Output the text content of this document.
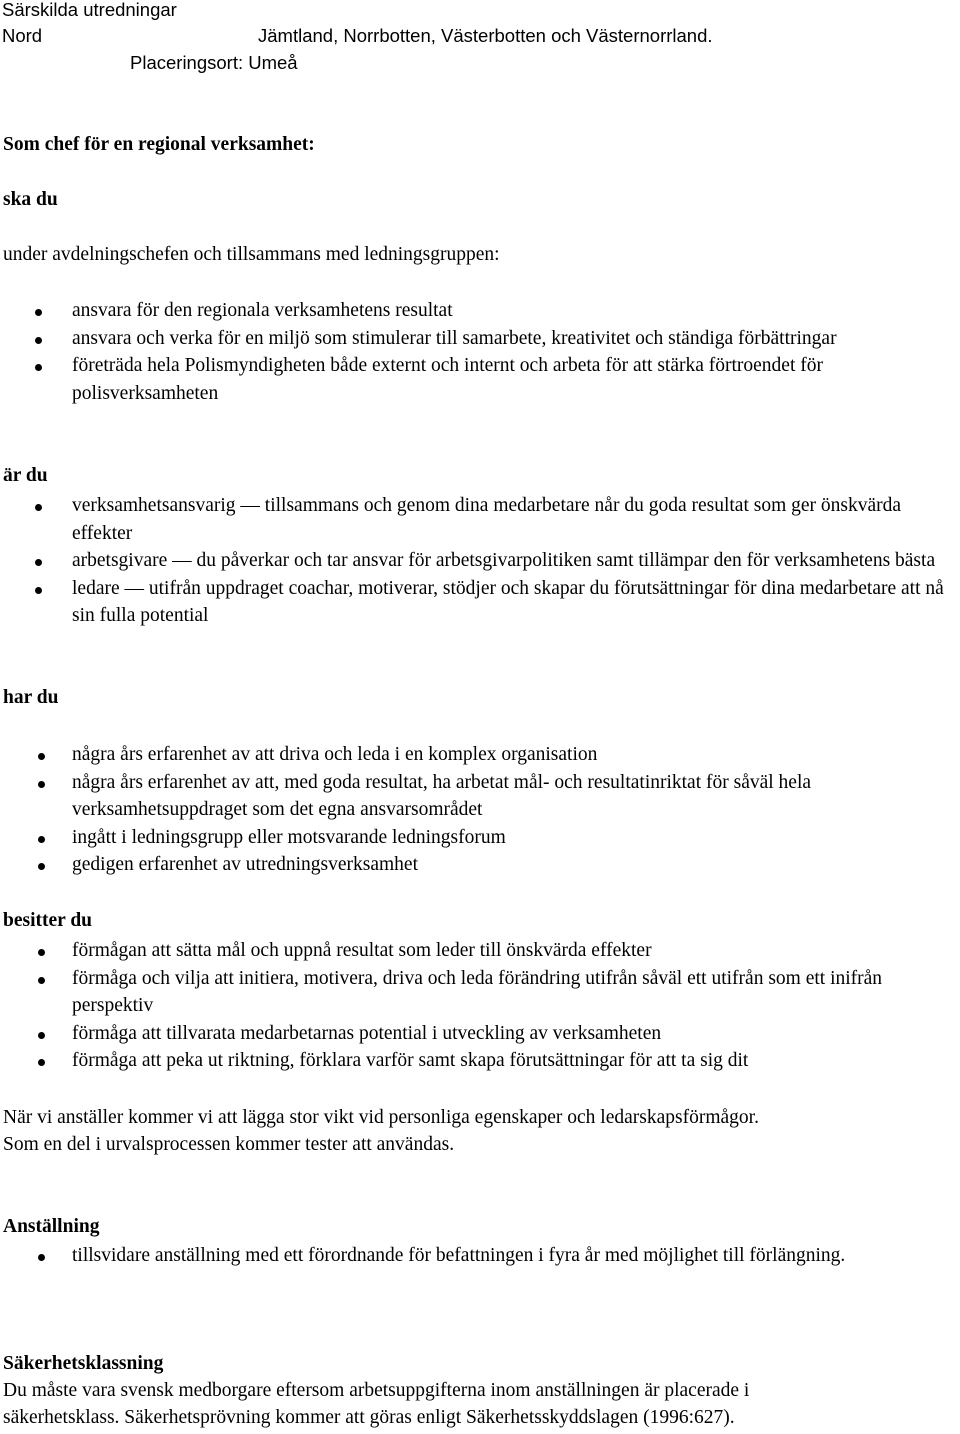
Särskilda utredningar
Nord	Jämtland, Norrbotten, Västerbotten och Västernorrland.
Placeringsort: Umeå
Som chef för en regional verksamhet:
ska du
under avdelningschefen och tillsammans med ledningsgruppen:
ansvara för den regionala verksamhetens resultat
ansvara och verka för en miljö som stimulerar till samarbete, kreativitet och ständiga förbättringar
företräda hela Polismyndigheten både externt och internt och arbeta för att stärka förtroendet för polisverksamheten
är du
verksamhetsansvarig — tillsammans och genom dina medarbetare når du goda resultat som ger önskvärda effekter
arbetsgivare — du påverkar och tar ansvar för arbetsgivarpolitiken samt tillämpar den för verksamhetens bästa
ledare — utifrån uppdraget coachar, motiverar, stödjer och skapar du förutsättningar för dina medarbetare att nå sin fulla potential
har du
några års erfarenhet av att driva och leda i en komplex organisation
några års erfarenhet av att, med goda resultat, ha arbetat mål- och resultatinriktat för såväl hela verksamhetsuppdraget som det egna ansvarsområdet
ingått i ledningsgrupp eller motsvarande ledningsforum
gedigen erfarenhet av utredningsverksamhet
besitter du
förmågan att sätta mål och uppnå resultat som leder till önskvärda effekter
förmåga och vilja att initiera, motivera, driva och leda förändring utifrån såväl ett utifrån som ett inifrån perspektiv
förmåga att tillvarata medarbetarnas potential i utveckling av verksamheten
förmåga att peka ut riktning, förklara varför samt skapa förutsättningar för att ta sig dit
När vi anställer kommer vi att lägga stor vikt vid personliga egenskaper och ledarskapsförmågor.
Som en del i urvalsprocessen kommer tester att användas.
Anställning
tillsvidare anställning med ett förordnande för befattningen i fyra år med möjlighet till förlängning.
Säkerhetsklassning
Du måste vara svensk medborgare eftersom arbetsuppgifterna inom anställningen är placerade i
säkerhetsklass. Säkerhetsprövning kommer att göras enligt Säkerhetsskyddslagen (1996:627).
